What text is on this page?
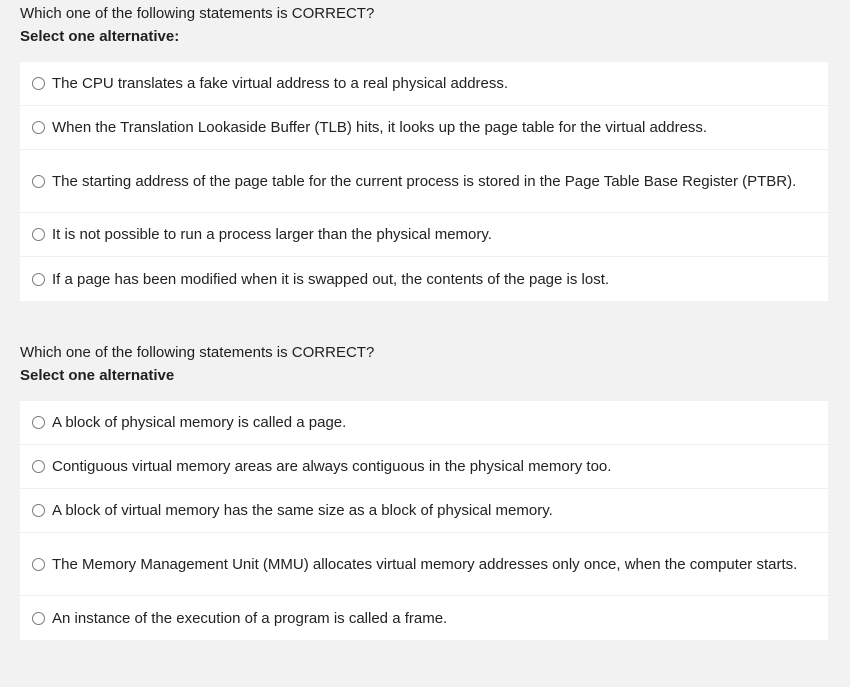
Which one of the following statements is CORRECT?

Select one alternative:

The CPU translates a fake virtual address to a real physical address.
When the Translation Lookaside Buffer (TLB) hits, it looks up the page table for the virtual address.
The starting address of the page table for the current process is stored in the Page Table Base Register (PTBR).
It is not possible to run a process larger than the physical memory.
If a page has been modified when it is swapped out, the contents of the page is lost.

Which one of the following statements is CORRECT?

Select one alternative

A block of physical memory is called a page.
Contiguous virtual memory areas are always contiguous in the physical memory too.
A block of virtual memory has the same size as a block of physical memory.
The Memory Management Unit (MMU) allocates virtual memory addresses only once, when the computer starts.
An instance of the execution of a program is called a frame.
